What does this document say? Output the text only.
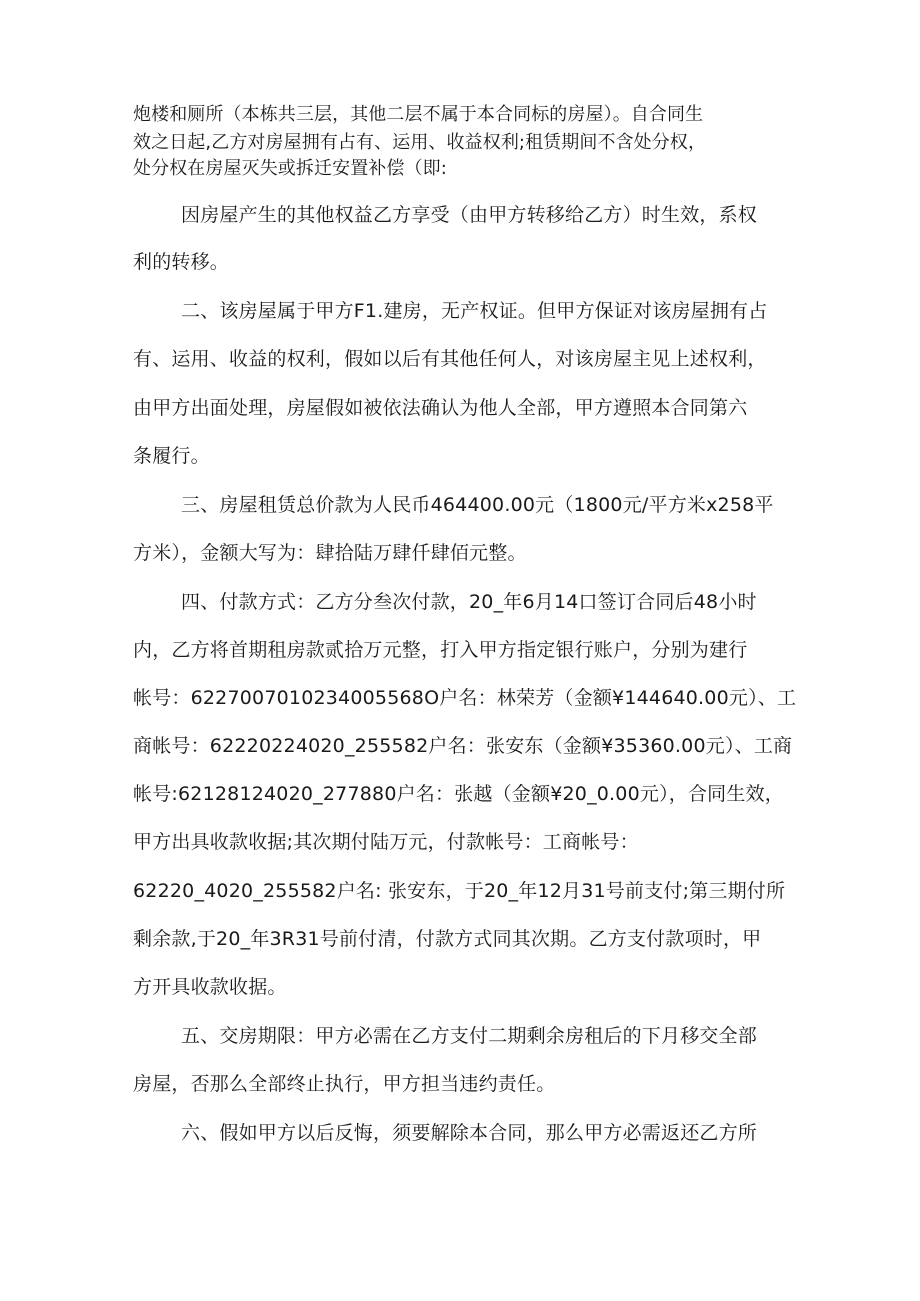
炮楼和厕所（本栋共三层，其他二层不属于本合同标的房屋）。自合同生
效之日起,乙方对房屋拥有占有、运用、收益权利;租赁期间不含处分权，
处分权在房屋灭失或拆迁安置补偿（即:
因房屋产生的其他权益乙方享受（由甲方转移给乙方）时生效，系权
利的转移。
二、该房屋属于甲方F1.建房，无产权证。但甲方保证对该房屋拥有占
有、运用、收益的权利，假如以后有其他任何人，对该房屋主见上述权利，
由甲方出面处理，房屋假如被依法确认为他人全部，甲方遵照本合同第六
条履行。
三、房屋租赁总价款为人民币464400.00元（1800元/平方米x258平
方米），金额大写为：肆拾陆万肆仟肆佰元整。
四、付款方式：乙方分叁次付款，20_年6月14口签订合同后48小时
内，乙方将首期租房款贰拾万元整，打入甲方指定银行账户，分别为建行
帐号：6227007010234005568O户名：林荣芳（金额¥144640.00元）、工
商帐号：62220224020_255582户名：张安东（金额¥35360.00元）、工商
帐号:62128124020_277880户名：张越（金额¥20_0.00元），合同生效，
甲方出具收款收据;其次期付陆万元，付款帐号：工商帐号：
62220_4020_255582户名: 张安东，于20_年12月31号前支付;第三期付所
剩余款,于20_年3R31号前付清，付款方式同其次期。乙方支付款项时，甲
方开具收款收据。
五、交房期限：甲方必需在乙方支付二期剩余房租后的下月移交全部
房屋，否那么全部终止执行，甲方担当违约责任。
六、假如甲方以后反悔，须要解除本合同，那么甲方必需返还乙方所
